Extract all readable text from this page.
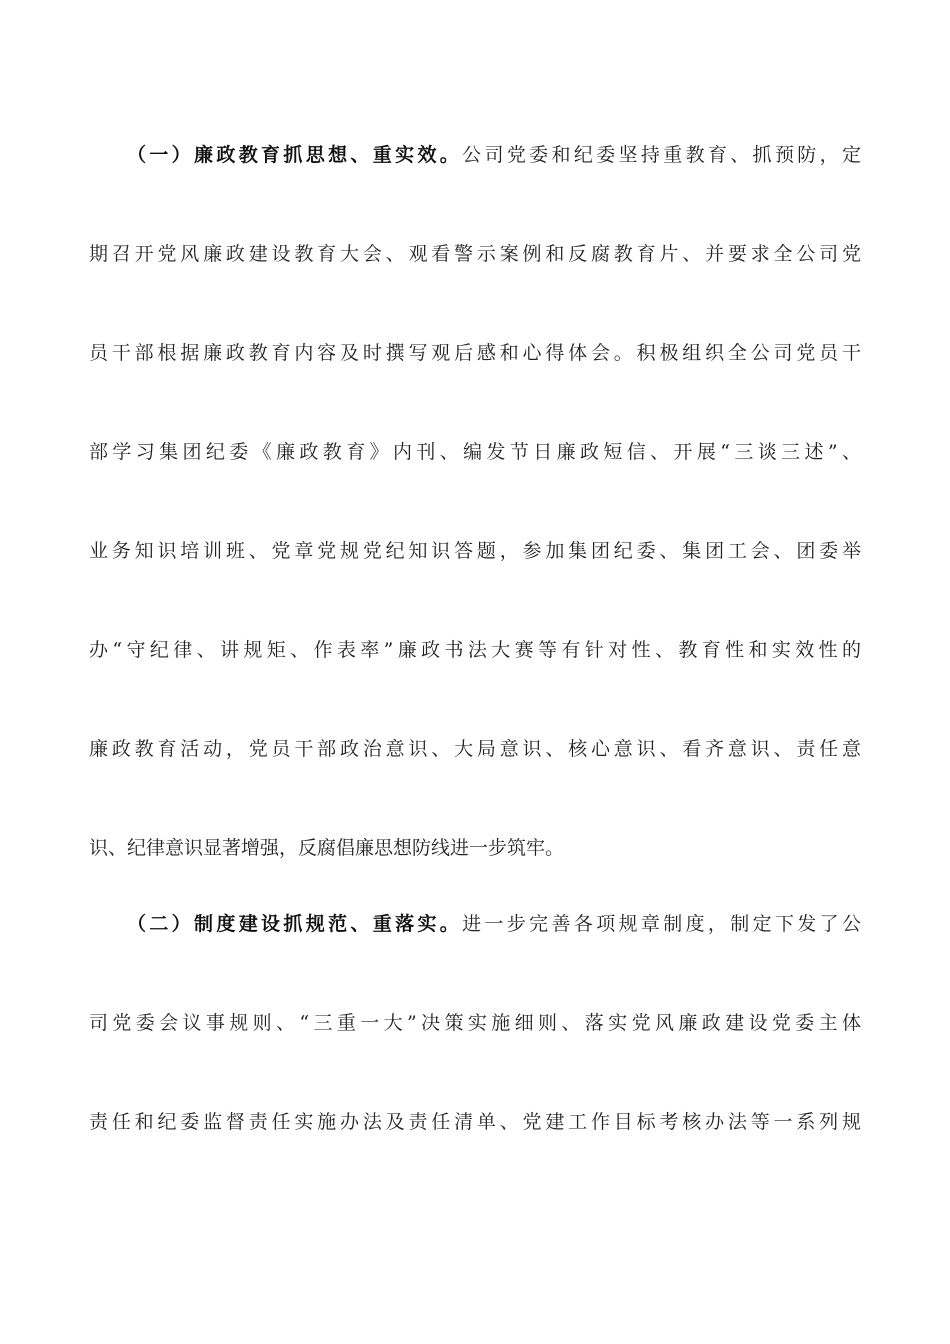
（一）廉政教育抓思想、重实效。公司党委和纪委坚持重教育、抓预防，定
期召开党风廉政建设教育大会、观看警示案例和反腐教育片、并要求全公司党
员干部根据廉政教育内容及时撰写观后感和心得体会。积极组织全公司党员干
部学习集团纪委《廉政教育》内刊、编发节日廉政短信、开展“三谈三述”、
业务知识培训班、党章党规党纪知识答题，参加集团纪委、集团工会、团委举
办“守纪律、讲规矩、作表率”廉政书法大赛等有针对性、教育性和实效性的
廉政教育活动，党员干部政治意识、大局意识、核心意识、看齐意识、责任意
识、纪律意识显著增强，反腐倡廉思想防线进一步筑牢。
（二）制度建设抓规范、重落实。进一步完善各项规章制度，制定下发了公
司党委会议事规则、“三重一大”决策实施细则、落实党风廉政建设党委主体
责任和纪委监督责任实施办法及责任清单、党建工作目标考核办法等一系列规
